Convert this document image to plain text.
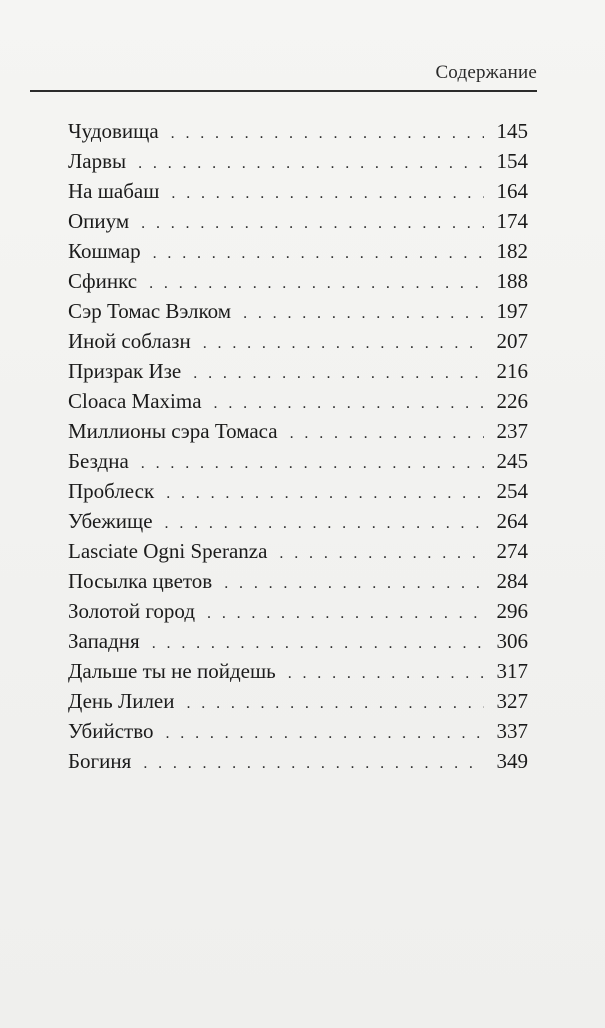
Содержание
Чудовища . . .	145
Ларвы . . .	154
На шабаш . . .	164
Опиум . . .	174
Кошмар . . .	182
Сфинкс . . .	188
Сэр Томас Вэлком . . .	197
Иной соблазн . . .	207
Призрак Изе . . .	216
Cloaca Maxima . . .	226
Миллионы сэра Томаса . . .	237
Бездна . . .	245
Проблеск . . .	254
Убежище . . .	264
Lasciate Ogni Speranza . . .	274
Посылка цветов . . .	284
Золотой город . . .	296
Западня . . .	306
Дальше ты не пойдешь . . .	317
День Лилеи . . .	327
Убийство . . .	337
Богиня . . .	349
